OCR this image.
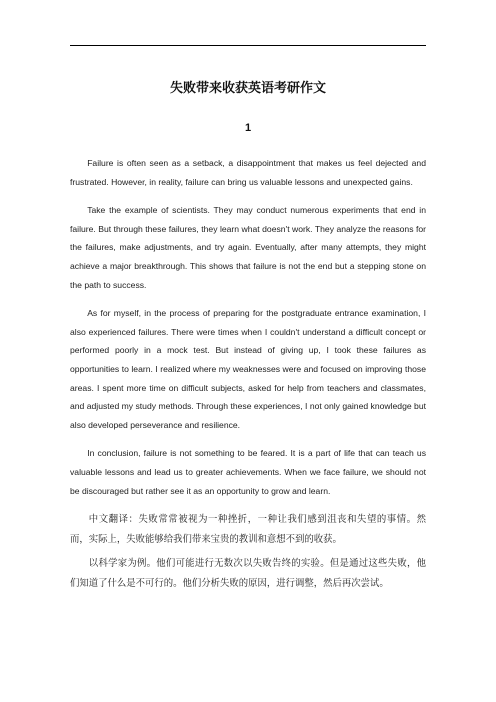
失败带来收获英语考研作文
1

Failure is often seen as a setback, a disappointment that makes us feel dejected and frustrated. However, in reality, failure can bring us valuable lessons and unexpected gains.

Take the example of scientists. They may conduct numerous experiments that end in failure. But through these failures, they learn what doesn't work. They analyze the reasons for the failures, make adjustments, and try again. Eventually, after many attempts, they might achieve a major breakthrough. This shows that failure is not the end but a stepping stone on the path to success.

As for myself, in the process of preparing for the postgraduate entrance examination, I also experienced failures. There were times when I couldn't understand a difficult concept or performed poorly in a mock test. But instead of giving up, I took these failures as opportunities to learn. I realized where my weaknesses were and focused on improving those areas. I spent more time on difficult subjects, asked for help from teachers and classmates, and adjusted my study methods. Through these experiences, I not only gained knowledge but also developed perseverance and resilience.

In conclusion, failure is not something to be feared. It is a part of life that can teach us valuable lessons and lead us to greater achievements. When we face failure, we should not be discouraged but rather see it as an opportunity to grow and learn.

中文翻译：失败常常被视为一种挫折，一种让我们感到沮丧和失望的事情。然而，实际上，失败能够给我们带来宝贵的教训和意想不到的收获。

以科学家为例。他们可能进行无数次以失败告终的实验。但是通过这些失败，他们知道了什么是不可行的。他们分析失败的原因，进行调整，然后再次尝试。
